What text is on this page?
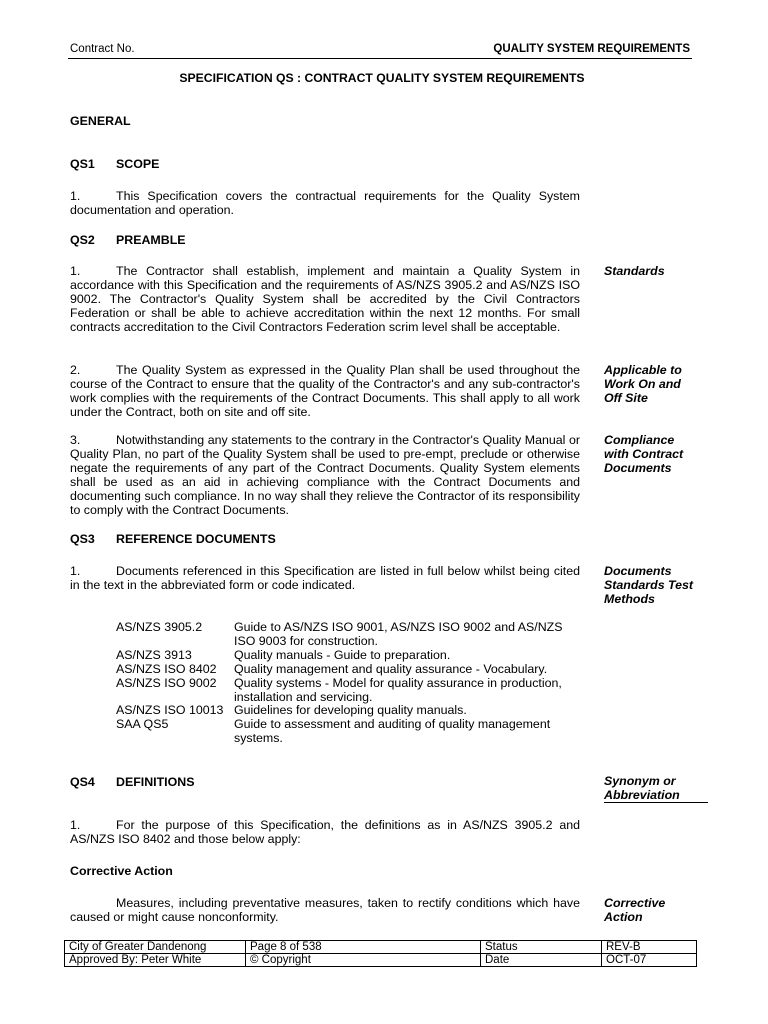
Contract No.	QUALITY SYSTEM REQUIREMENTS
SPECIFICATION QS : CONTRACT QUALITY SYSTEM REQUIREMENTS
GENERAL
QS1 SCOPE
1.	This Specification covers the contractual requirements for the Quality System documentation and operation.
QS2 PREAMBLE
1.	The Contractor shall establish, implement and maintain a Quality System in accordance with this Specification and the requirements of AS/NZS 3905.2 and AS/NZS ISO 9002. The Contractor's Quality System shall be accredited by the Civil Contractors Federation or shall be able to achieve accreditation within the next 12 months. For small contracts accreditation to the Civil Contractors Federation scrim level shall be acceptable.
Standards
2.	The Quality System as expressed in the Quality Plan shall be used throughout the course of the Contract to ensure that the quality of the Contractor's and any sub-contractor's work complies with the requirements of the Contract Documents. This shall apply to all work under the Contract, both on site and off site.
Applicable to Work On and Off Site
3.	Notwithstanding any statements to the contrary in the Contractor's Quality Manual or Quality Plan, no part of the Quality System shall be used to pre-empt, preclude or otherwise negate the requirements of any part of the Contract Documents. Quality System elements shall be used as an aid in achieving compliance with the Contract Documents and documenting such compliance. In no way shall they relieve the Contractor of its responsibility to comply with the Contract Documents.
Compliance with Contract Documents
QS3 REFERENCE DOCUMENTS
1.	Documents referenced in this Specification are listed in full below whilst being cited in the text in the abbreviated form or code indicated.
Documents Standards Test Methods
AS/NZS 3905.2	Guide to AS/NZS ISO 9001, AS/NZS ISO 9002 and AS/NZS ISO 9003 for construction.
AS/NZS 3913	Quality manuals - Guide to preparation.
AS/NZS ISO 8402	Quality management and quality assurance - Vocabulary.
AS/NZS ISO 9002	Quality systems - Model for quality assurance in production, installation and servicing.
AS/NZS ISO 10013 Guidelines for developing quality manuals.
SAA QS5	Guide to assessment and auditing of quality management systems.
QS4 DEFINITIONS	Synonym or Abbreviation
1.	For the purpose of this Specification, the definitions as in AS/NZS 3905.2 and AS/NZS ISO 8402 and those below apply:
Corrective Action
Measures, including preventative measures, taken to rectify conditions which have caused or might cause nonconformity.
Corrective Action
City of Greater Dandenong	Page 8 of 538	Status	REV-B
Approved By: Peter White	© Copyright	Date	OCT-07
